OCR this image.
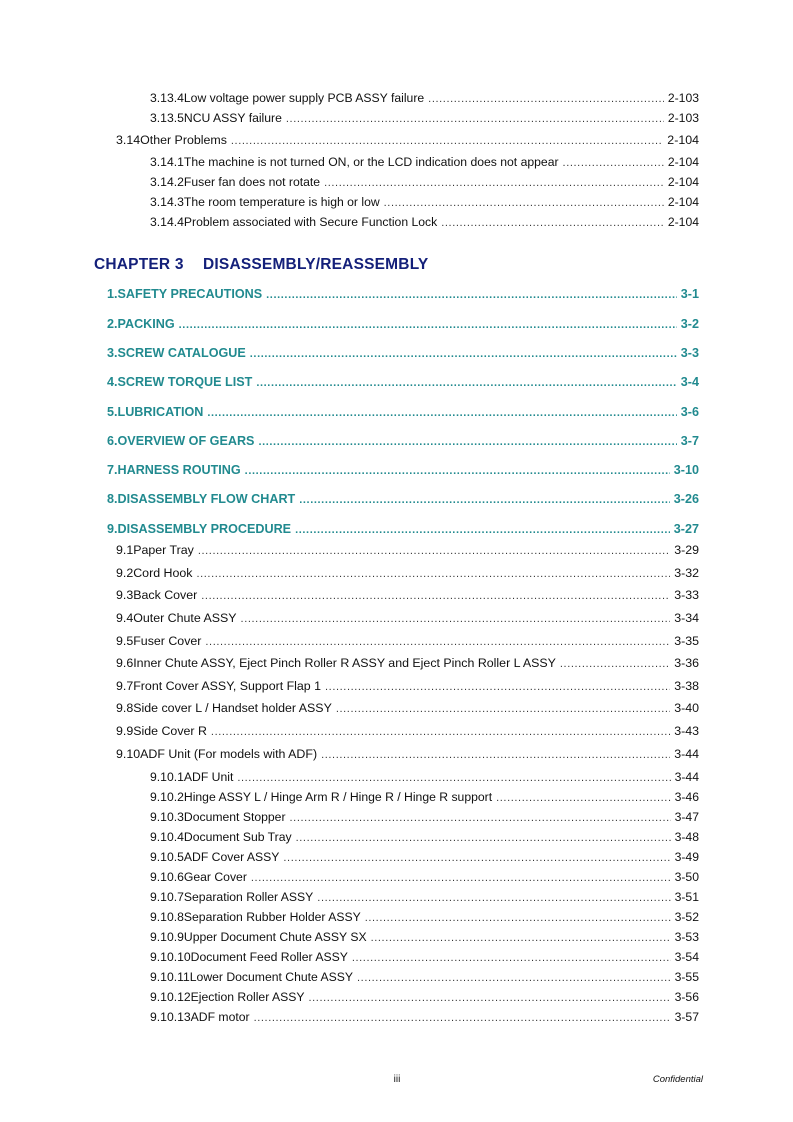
3.13.4 Low voltage power supply PCB ASSY failure .....	2-103
3.13.5 NCU ASSY failure .....	2-103
3.14 Other Problems .....	2-104
3.14.1 The machine is not turned ON, or the LCD indication does not appear .....	2-104
3.14.2 Fuser fan does not rotate .....	2-104
3.14.3 The room temperature is high or low .....	2-104
3.14.4 Problem associated with Secure Function Lock .....	2-104
CHAPTER 3 DISASSEMBLY/REASSEMBLY
1. SAFETY PRECAUTIONS .....	3-1
2. PACKING .....	3-2
3. SCREW CATALOGUE .....	3-3
4. SCREW TORQUE LIST .....	3-4
5. LUBRICATION .....	3-6
6. OVERVIEW OF GEARS .....	3-7
7. HARNESS ROUTING .....	3-10
8. DISASSEMBLY FLOW CHART .....	3-26
9. DISASSEMBLY PROCEDURE .....	3-27
9.1 Paper Tray .....	3-29
9.2 Cord Hook .....	3-32
9.3 Back Cover .....	3-33
9.4 Outer Chute ASSY .....	3-34
9.5 Fuser Cover .....	3-35
9.6 Inner Chute ASSY, Eject Pinch Roller R ASSY and Eject Pinch Roller L ASSY .....	3-36
9.7 Front Cover ASSY, Support Flap 1 .....	3-38
9.8 Side cover L / Handset holder ASSY .....	3-40
9.9 Side Cover R .....	3-43
9.10 ADF Unit (For models with ADF) .....	3-44
9.10.1 ADF Unit .....	3-44
9.10.2 Hinge ASSY L / Hinge Arm R / Hinge R / Hinge R support .....	3-46
9.10.3 Document Stopper .....	3-47
9.10.4 Document Sub Tray .....	3-48
9.10.5 ADF Cover ASSY .....	3-49
9.10.6 Gear Cover .....	3-50
9.10.7 Separation Roller ASSY .....	3-51
9.10.8 Separation Rubber Holder ASSY .....	3-52
9.10.9 Upper Document Chute ASSY SX .....	3-53
9.10.10 Document Feed Roller ASSY .....	3-54
9.10.11 Lower Document Chute ASSY .....	3-55
9.10.12 Ejection Roller ASSY .....	3-56
9.10.13 ADF motor .....	3-57
iii	Confidential
